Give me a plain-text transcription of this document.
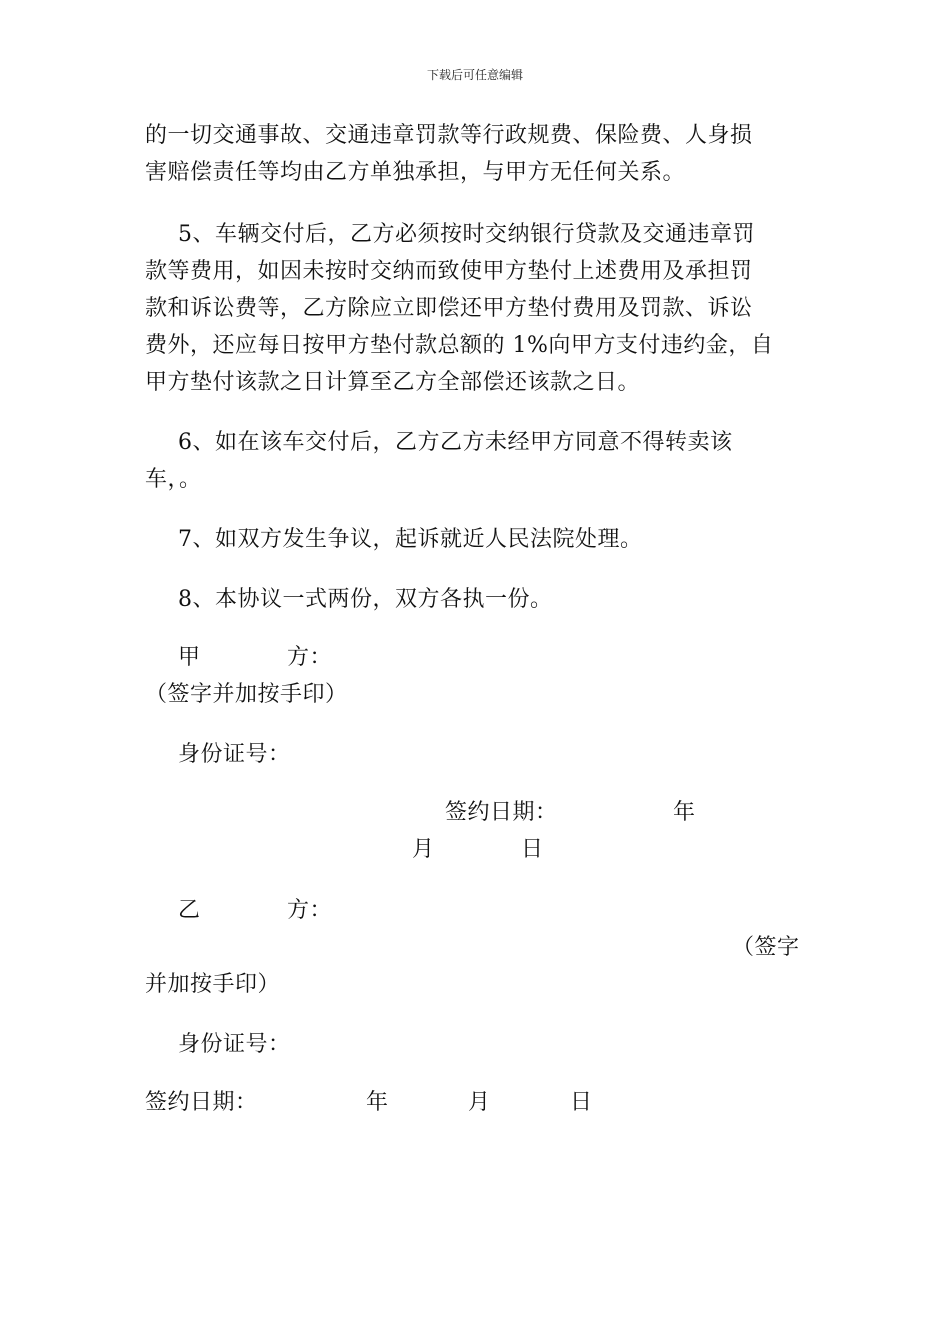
下载后可任意编辑
的一切交通事故、交通违章罚款等行政规费、保险费、人身损
害赔偿责任等均由乙方单独承担，与甲方无任何关系。
5、车辆交付后，乙方必须按时交纳银行贷款及交通违章罚
款等费用，如因未按时交纳而致使甲方垫付上述费用及承担罚
款和诉讼费等，乙方除应立即偿还甲方垫付费用及罚款、诉讼
费外，还应每日按甲方垫付款总额的 1%向甲方支付违约金，自
甲方垫付该款之日计算至乙方全部偿还该款之日。
6、如在该车交付后，乙方乙方未经甲方同意不得转卖该
车，。
7、如双方发生争议，起诉就近人民法院处理。
8、本协议一式两份，双方各执一份。
甲	方：
（签字并加按手印）
身份证号：
签约日期：	年
月	日
乙	方：
（签字
并加按手印）
身份证号：
签约日期：	年	月	日
